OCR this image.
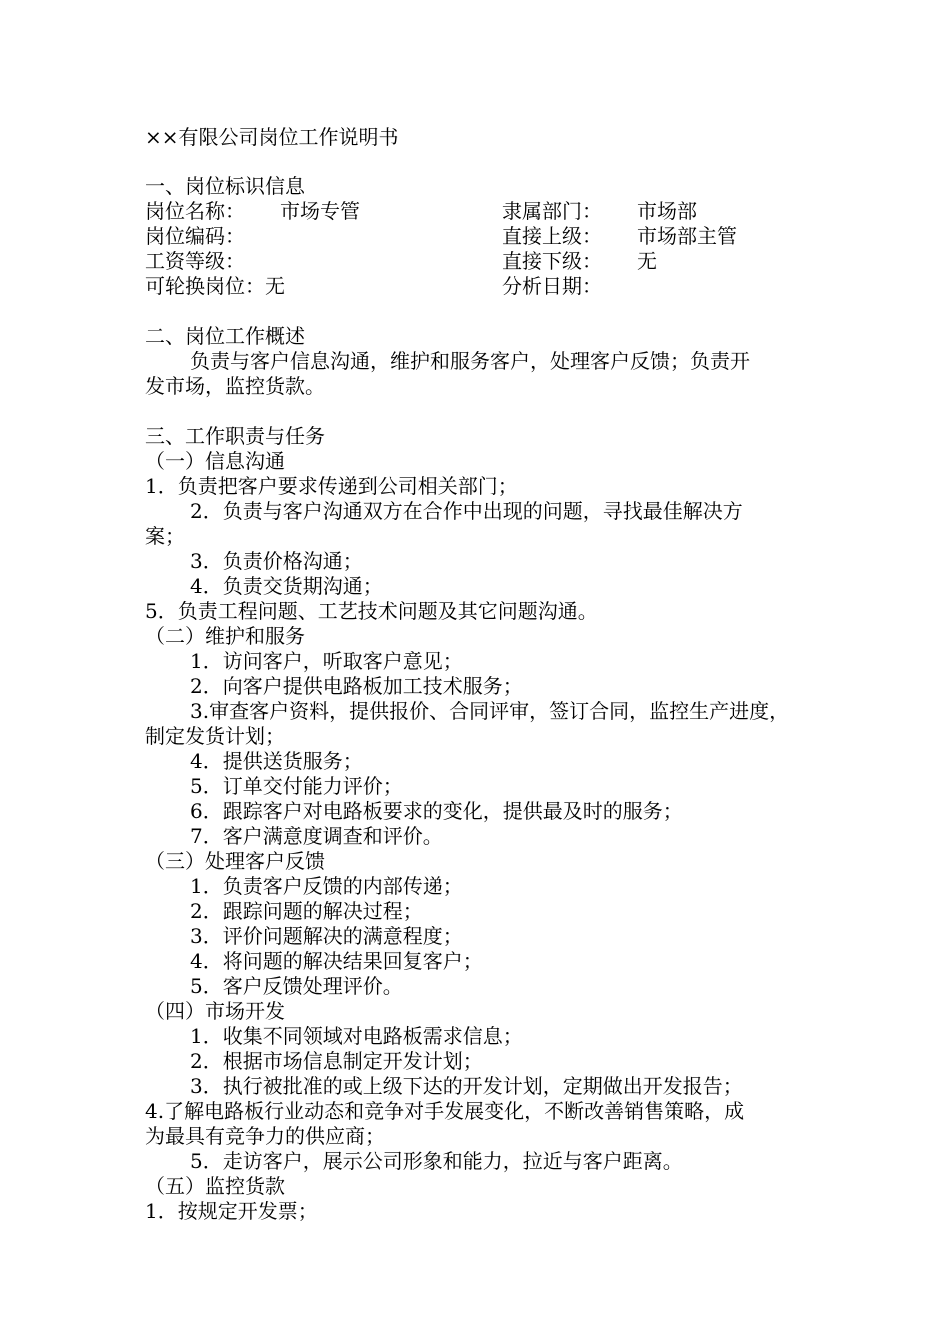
××有限公司岗位工作说明书
一、岗位标识信息
岗位名称： 市场专管	隶属部门： 市场部
岗位编码：	直接上级： 市场部主管
工资等级：	直接下级： 无
可轮换岗位：无	分析日期：
二、岗位工作概述
负责与客户信息沟通，维护和服务客户，处理客户反馈；负责开
发市场，监控货款。
三、工作职责与任务
（一）信息沟通
1．负责把客户要求传递到公司相关部门；
2．负责与客户沟通双方在合作中出现的问题，寻找最佳解决方
案；
3．负责价格沟通；
4．负责交货期沟通；
5．负责工程问题、工艺技术问题及其它问题沟通。
（二）维护和服务
1．访问客户，听取客户意见；
2．向客户提供电路板加工技术服务；
3.审查客户资料，提供报价、合同评审，签订合同，监控生产进度，
制定发货计划；
4．提供送货服务；
5．订单交付能力评价；
6．跟踪客户对电路板要求的变化，提供最及时的服务；
7．客户满意度调查和评价。
（三）处理客户反馈
1．负责客户反馈的内部传递；
2．跟踪问题的解决过程；
3．评价问题解决的满意程度；
4．将问题的解决结果回复客户；
5．客户反馈处理评价。
（四）市场开发
1．收集不同领域对电路板需求信息；
2．根据市场信息制定开发计划；
3．执行被批准的或上级下达的开发计划，定期做出开发报告；
4.了解电路板行业动态和竞争对手发展变化，不断改善销售策略，成
为最具有竞争力的供应商；
5．走访客户，展示公司形象和能力，拉近与客户距离。
（五）监控货款
1．按规定开发票；
